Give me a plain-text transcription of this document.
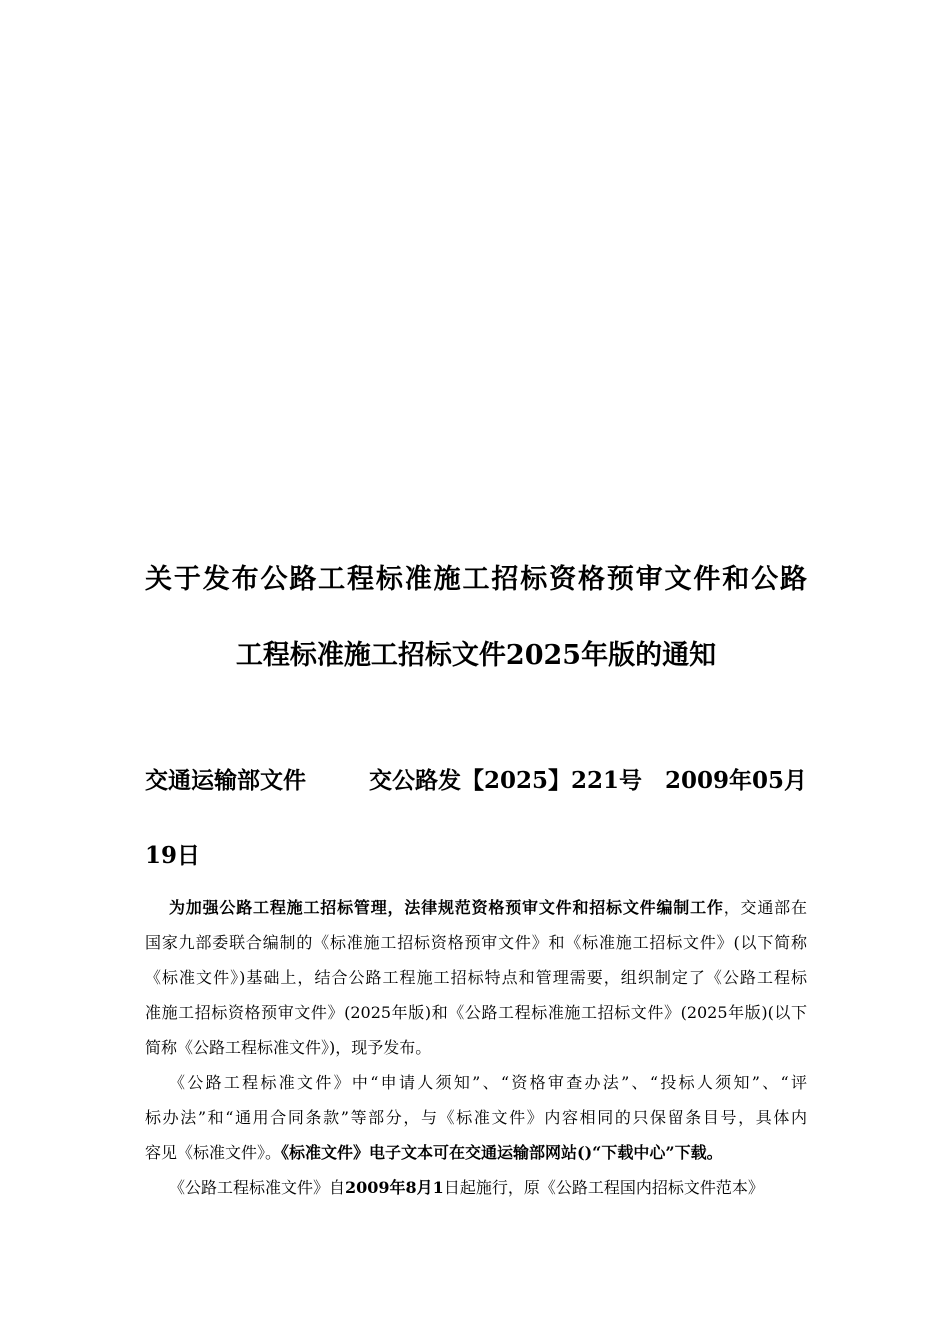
关于发布公路工程标准施工招标资格预审文件和公路
工程标准施工招标文件2025年版的通知
交通运输部文件	交公路发【2025】221号 2009年05月
19日
为加强公路工程施工招标管理，法律规范资格预审文件和招标文件编制工作，交通部在
国家九部委联合编制的《标准施工招标资格预审文件》和《标准施工招标文件》(以下简称
《标准文件》)基础上，结合公路工程施工招标特点和管理需要，组织制定了《公路工程标
准施工招标资格预审文件》(2025年版)和《公路工程标准施工招标文件》(2025年版)(以下
简称《公路工程标准文件》)，现予发布。
《公路工程标准文件》中“申请人须知”、“资格审查办法”、“投标人须知”、“评
标办法”和“通用合同条款”等部分，与《标准文件》内容相同的只保留条目号，具体内
容见《标准文件》。《标准文件》电子文本可在交通运输部网站()“下载中心”下载。
《公路工程标准文件》自2009年8月1日起施行，原《公路工程国内招标文件范本》
